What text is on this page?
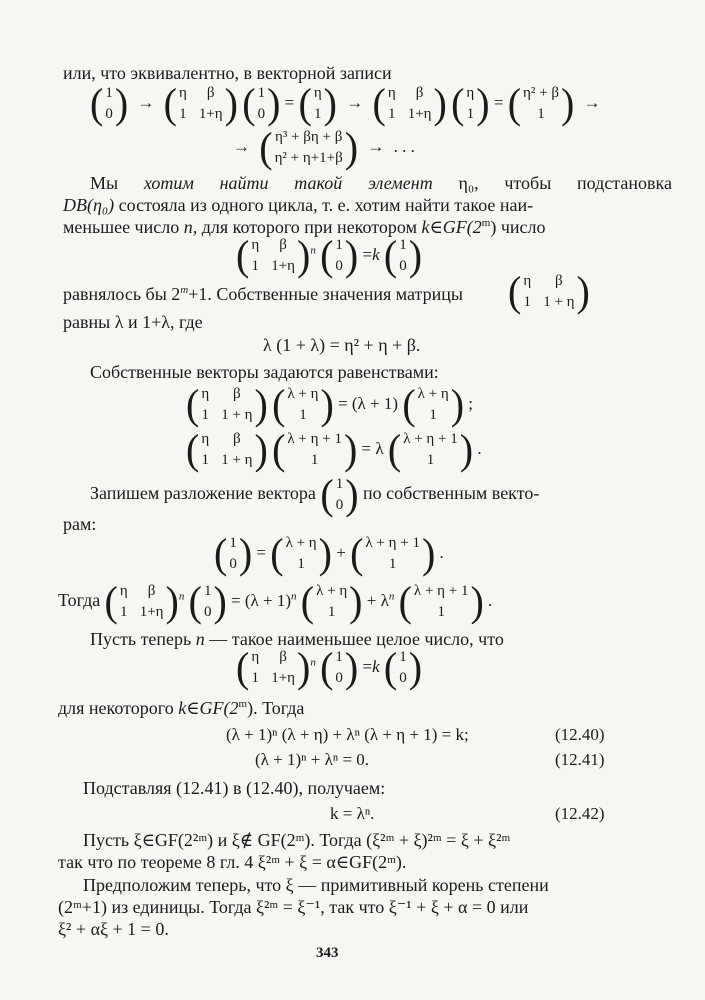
или, что эквивалентно, в векторной записи
( 1
0 ) → ( η	β
1 1+η )
( 1
0 ) = ( η
1 ) → ( η	β
1 1+η )
( η
1 ) = ( η² + β
1 ) →
→ ( η³ + βη + β
η² + η+1+β ) → . . .
Мы хотим найти такой элемент η₀, чтобы подстановка
DB(η₀) состояла из одного цикла, т. е. хотим найти такое наи-
меньшее число n, для которого при некотором k∈GF(2$^m$) число
( η	β
1 1+η ) $^n$ ( 1
0 ) =k ( 1
0 )
равнялось бы $2^m+1$. Собственные значения матрицы ( η	β
1 1 + η )
равны λ и 1+λ, где
λ (1 + λ) = η² + η + β.
Собственные векторы задаются равенствами:
( η	β
1 1 + η )
( λ + η
1 ) = (λ + 1) ( λ + η
1 ) ;
( η	β
1 1 + η )
( λ + η + 1
1 ) = λ ( λ + η + 1
1 ) .
Запишем разложение вектора ( 1
0 ) по собственным векто-
рам:
( 1
0 ) = ( λ + η
1 ) + ( λ + η + 1
1 ) .
Тогда ( η	β
1 1+η ) $^n$ ( 1
0 ) = $(\lambda + 1)^n$ ( λ + η
1 ) + $\lambda^n$ ( λ + η + 1
1 ) .
Пусть теперь n — такое наименьшее целое число, что
( η	β
1 1+η ) $^n$ ( 1
0 ) =k ( 1
0 )
для некоторого k∈GF(2$^m$). Тогда
(λ + 1)ⁿ (λ + η) + λⁿ (λ + η + 1) = k;	(12.40)
(λ + 1)ⁿ + λⁿ = 0.	(12.41)
Подставляя (12.41) в (12.40), получаем:
k = λⁿ.	(12.42)
Пусть ξ∈GF(2²ᵐ) и ξ∉ GF(2ᵐ). Тогда (ξ²ᵐ + ξ)²ᵐ = ξ + ξ²ᵐ
так что по теореме 8 гл. 4 ξ²ᵐ + ξ = α∈GF(2ᵐ).
Предположим теперь, что ξ — примитивный корень степени
(2ᵐ+1) из единицы. Тогда ξ²ᵐ = ξ⁻¹, так что ξ⁻¹ + ξ + α = 0 или
ξ² + αξ + 1 = 0.
343
